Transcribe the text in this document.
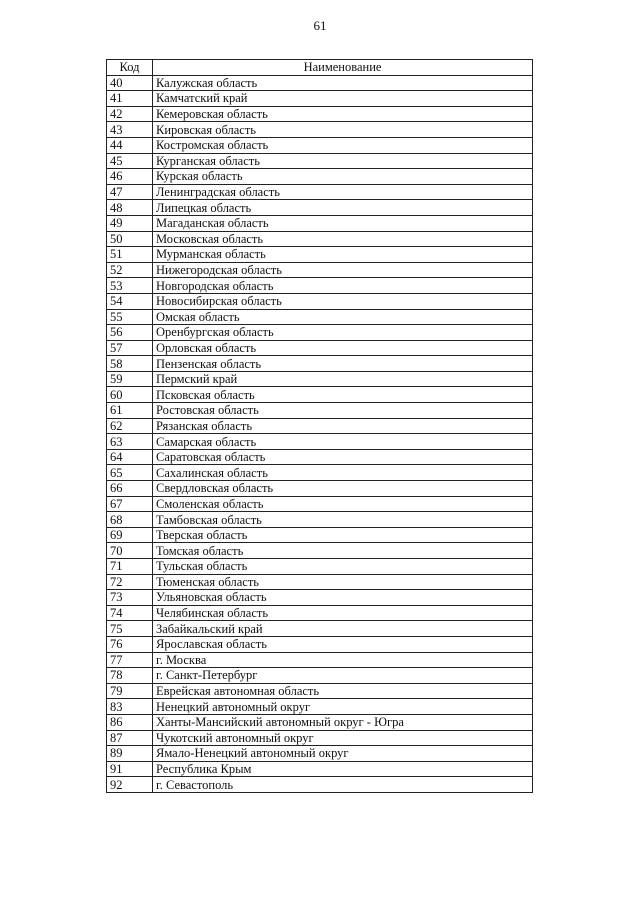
61
Код	Наименование
40	Калужская область
41	Камчатский край
42	Кемеровская область
43	Кировская область
44	Костромская область
45	Курганская область
46	Курская область
47	Ленинградская область
48	Липецкая область
49	Магаданская область
50	Московская область
51	Мурманская область
52	Нижегородская область
53	Новгородская область
54	Новосибирская область
55	Омская область
56	Оренбургская область
57	Орловская область
58	Пензенская область
59	Пермский край
60	Псковская область
61	Ростовская область
62	Рязанская область
63	Самарская область
64	Саратовская область
65	Сахалинская область
66	Свердловская область
67	Смоленская область
68	Тамбовская область
69	Тверская область
70	Томская область
71	Тульская область
72	Тюменская область
73	Ульяновская область
74	Челябинская область
75	Забайкальский край
76	Ярославская область
77	г. Москва
78	г. Санкт-Петербург
79	Еврейская автономная область
83	Ненецкий автономный округ
86	Ханты-Мансийский автономный округ - Югра
87	Чукотский автономный округ
89	Ямало-Ненецкий автономный округ
91	Республика Крым
92	г. Севастополь
